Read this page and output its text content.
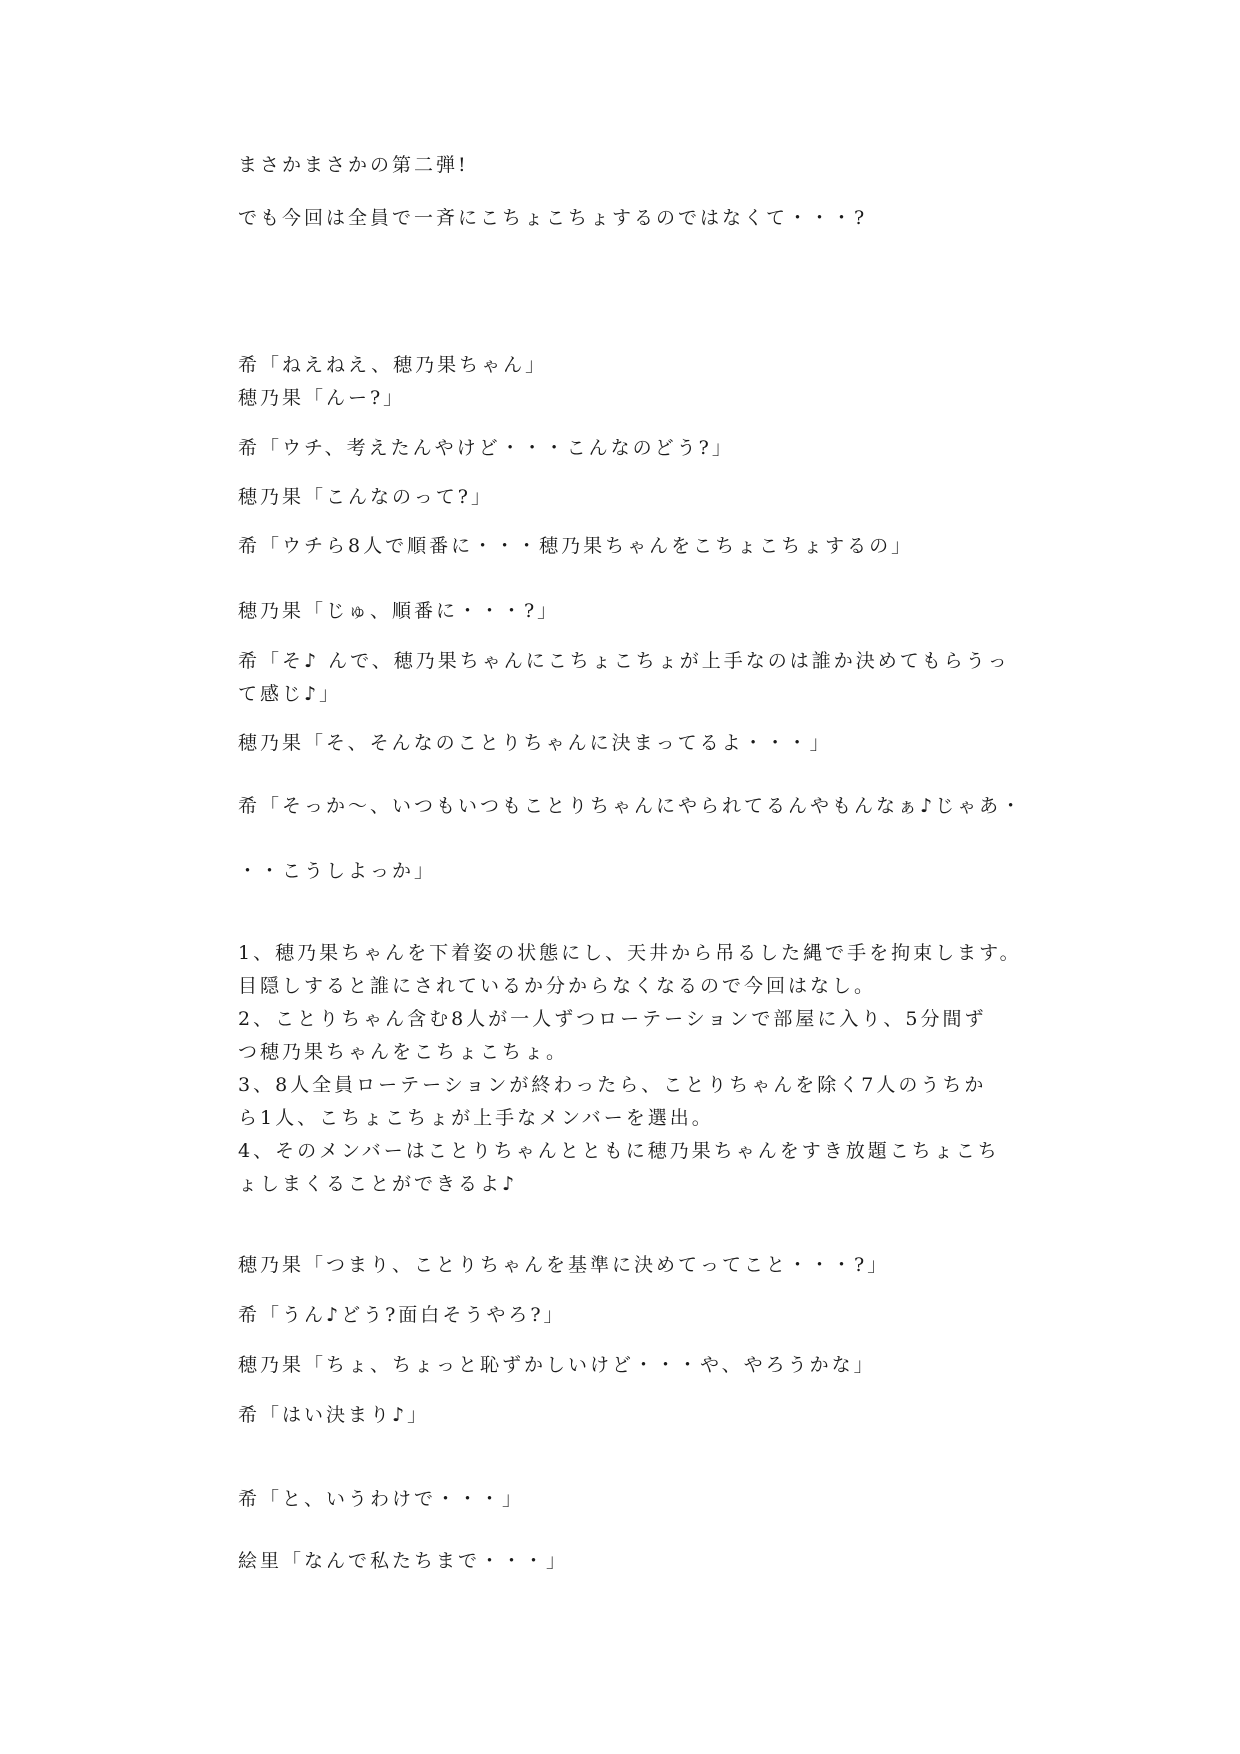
まさかまさかの第二弾!
でも今回は全員で一斉にこちょこちょするのではなくて・・・?
希「ねえねえ、穂乃果ちゃん」
穂乃果「んー?」
希「ウチ、考えたんやけど・・・こんなのどう?」
穂乃果「こんなのって?」
希「ウチら8人で順番に・・・穂乃果ちゃんをこちょこちょするの」
穂乃果「じゅ、順番に・・・?」
希「そ♪ んで、穂乃果ちゃんにこちょこちょが上手なのは誰か決めてもらうっ
て感じ♪」
穂乃果「そ、そんなのことりちゃんに決まってるよ・・・」
希「そっか〜、いつもいつもことりちゃんにやられてるんやもんなぁ♪じゃあ・
・・こうしよっか」
1、穂乃果ちゃんを下着姿の状態にし、天井から吊るした縄で手を拘束します。
目隠しすると誰にされているか分からなくなるので今回はなし。
2、ことりちゃん含む8人が一人ずつローテーションで部屋に入り、5分間ず
つ穂乃果ちゃんをこちょこちょ。
3、8人全員ローテーションが終わったら、ことりちゃんを除く7人のうちか
ら1人、こちょこちょが上手なメンバーを選出。
4、そのメンバーはことりちゃんとともに穂乃果ちゃんをすき放題こちょこち
ょしまくることができるよ♪
穂乃果「つまり、ことりちゃんを基準に決めてってこと・・・?」
希「うん♪どう?面白そうやろ?」
穂乃果「ちょ、ちょっと恥ずかしいけど・・・や、やろうかな」
希「はい決まり♪」
希「と、いうわけで・・・」
絵里「なんで私たちまで・・・」
